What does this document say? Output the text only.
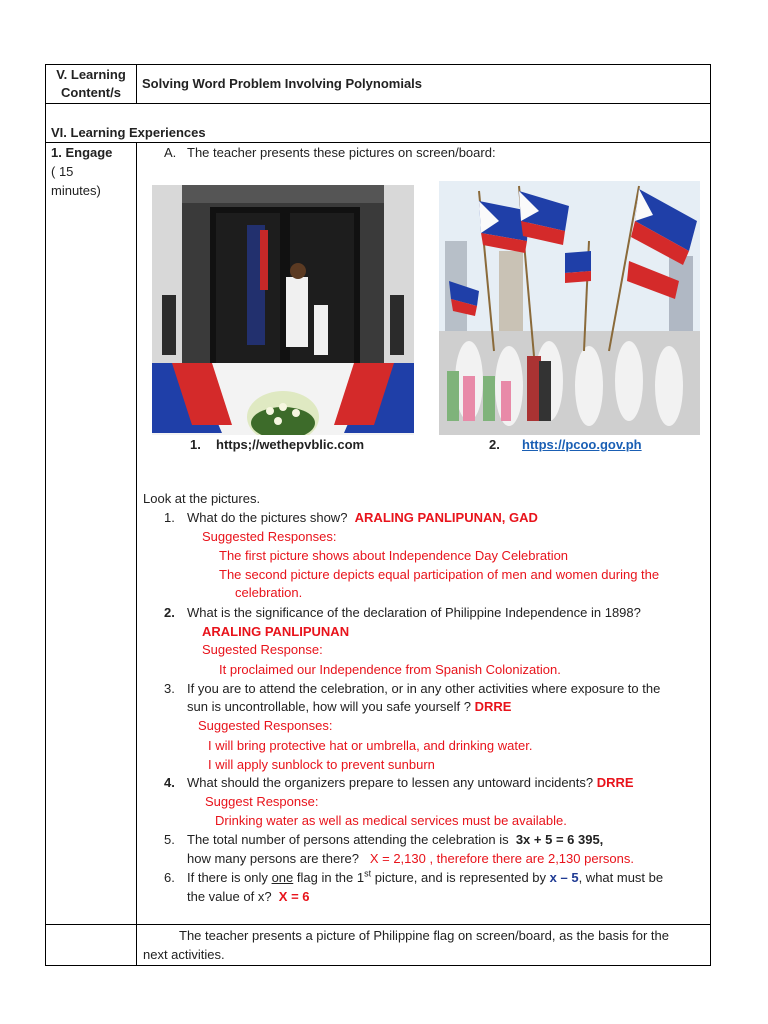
V. Learning
Content/s
Solving Word Problem Involving Polynomials
VI. Learning Experiences
1. Engage
( 15
minutes)
A. The teacher presents these pictures on screen/board:
1. https;//wethepvblic.com	2. https://pcoo.gov.ph
Look at the pictures.
1. What do the pictures show? ARALING PANLIPUNAN, GAD
Suggested Responses:
The first picture shows about Independence Day Celebration
The second picture depicts equal participation of men and women during the
celebration.
2. What is the significance of the declaration of Philippine Independence in 1898?
ARALING PANLIPUNAN
Sugested Response:
It proclaimed our Independence from Spanish Colonization.
3. If you are to attend the celebration, or in any other activities where exposure to the
sun is uncontrollable, how will you safe yourself ? DRRE
Suggested Responses:
I will bring protective hat or umbrella, and drinking water.
I will apply sunblock to prevent sunburn
4. What should the organizers prepare to lessen any untoward incidents? DRRE
Suggest Response:
Drinking water as well as medical services must be available.
5. The total number of persons attending the celebration is 3x + 5 = 6 395,
how many persons are there? X = 2,130 , therefore there are 2,130 persons.
6. If there is only one flag in the 1st picture, and is represented by x – 5, what must be
the value of x? X = 6
The teacher presents a picture of Philippine flag on screen/board, as the basis for the
next activities.
